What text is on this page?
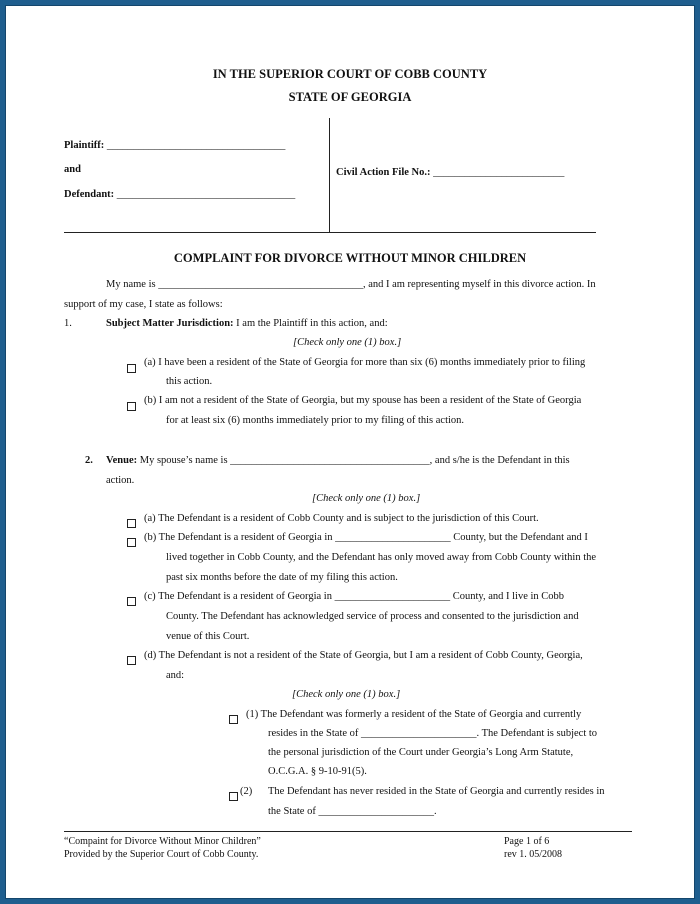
IN THE SUPERIOR COURT OF COBB COUNTY
STATE OF GEORGIA
Plaintiff: __________________________________
and
Defendant: __________________________________
Civil Action File No.: _________________________
COMPLAINT FOR DIVORCE WITHOUT MINOR CHILDREN
My name is _______________________________________, and I am representing myself in this divorce action. In
support of my case, I state as follows:
1.	Subject Matter Jurisdiction: I am the Plaintiff in this action, and:
[Check only one (1) box.]
(a) I have been a resident of the State of Georgia for more than six (6) months immediately prior to filing
this action.
(b) I am not a resident of the State of Georgia, but my spouse has been a resident of the State of Georgia
for at least six (6) months immediately prior to my filing of this action.
2. Venue: My spouse’s name is ______________________________________, and s/he is the Defendant in this
action.
[Check only one (1) box.]
(a) The Defendant is a resident of Cobb County and is subject to the jurisdiction of this Court.
(b) The Defendant is a resident of Georgia in ______________________ County, but the Defendant and I
lived together in Cobb County, and the Defendant has only moved away from Cobb County within the
past six months before the date of my filing this action.
(c) The Defendant is a resident of Georgia in ______________________ County, and I live in Cobb
County. The Defendant has acknowledged service of process and consented to the jurisdiction and
venue of this Court.
(d) The Defendant is not a resident of the State of Georgia, but I am a resident of Cobb County, Georgia,
and:
[Check only one (1) box.]
(1) The Defendant was formerly a resident of the State of Georgia and currently
resides in the State of ______________________. The Defendant is subject to
the personal jurisdiction of the Court under Georgia’s Long Arm Statute,
O.C.G.A. § 9-10-91(5).
(2) The Defendant has never resided in the State of Georgia and currently resides in
the State of ______________________.
“Compaint for Divorce Without Minor Children”
Provided by the Superior Court of Cobb County.
Page 1 of 6
rev 1. 05/2008
